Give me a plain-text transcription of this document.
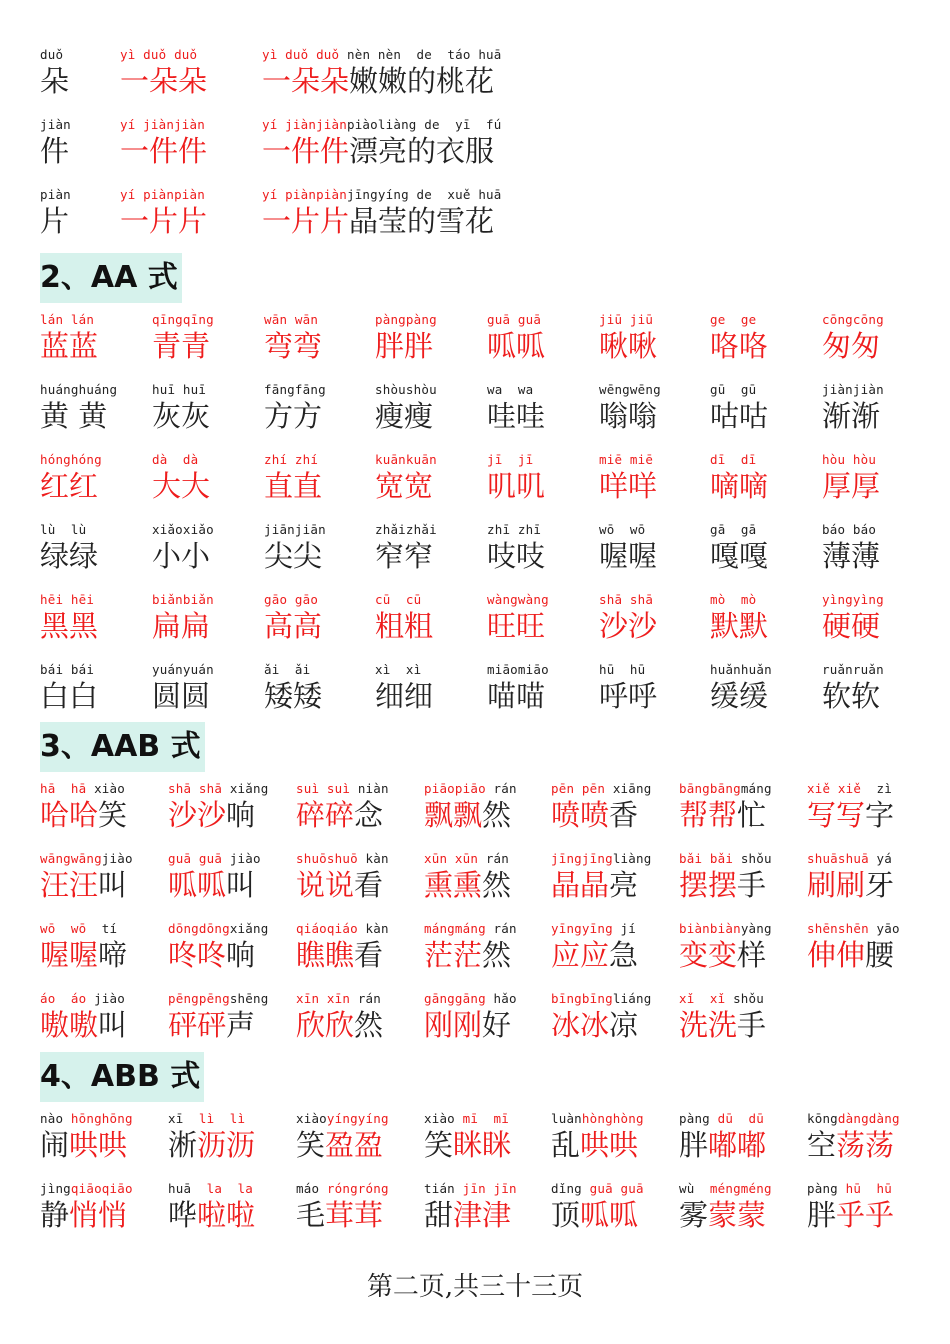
duǒ
朵
yì duǒ duǒ
一朵朵
yì duǒ duǒ nèn nèn  de  táo huā
一朵朵嫩嫩的桃花
jiàn
件
yí jiànjiàn
一件件
yí jiànjiànpiàoliàng de  yī  fú
一件件漂亮的衣服
piàn
片
yí piànpiàn
一片片
yí piànpiànjīngyíng de  xuě huā
一片片晶莹的雪花
2、AA 式
lán lán
蓝蓝
qīngqīng
青青
wān wān
弯弯
pàngpàng
胖胖
guā guā
呱呱
jiū jiū
啾啾
ge  ge
咯咯
cōngcōng
匆匆
huánghuáng
黄 黄
huī huī
灰灰
fāngfāng
方方
shòushòu
瘦瘦
wa  wa
哇哇
wēngwēng
嗡嗡
gū  gū
咕咕
jiànjiàn
渐渐
hónghóng
红红
dà  dà
大大
zhí zhí
直直
kuānkuān
宽宽
jī  jī
叽叽
miē miē
咩咩
dī  dī
嘀嘀
hòu hòu
厚厚
lù  lù
绿绿
xiǎoxiǎo
小小
jiānjiān
尖尖
zhǎizhǎi
窄窄
zhī zhī
吱吱
wō  wō
喔喔
gā  gā
嘎嘎
báo báo
薄薄
hēi hēi
黑黑
biǎnbiǎn
扁扁
gāo gāo
高高
cū  cū
粗粗
wàngwàng
旺旺
shā shā
沙沙
mò  mò
默默
yìngyìng
硬硬
bái bái
白白
yuányuán
圆圆
ǎi  ǎi
矮矮
xì  xì
细细
miāomiāo
喵喵
hū  hū
呼呼
huǎnhuǎn
缓缓
ruǎnruǎn
软软
3、AAB 式
hā  hā xiào
哈哈笑
shā shā xiǎng
沙沙响
suì suì niàn
碎碎念
piāopiāo rán
飘飘然
pēn pēn xiāng
喷喷香
bāngbāngmáng
帮帮忙
xiě xiě  zì
写写字
wāngwāngjiào
汪汪叫
guā guā jiào
呱呱叫
shuōshuō kàn
说说看
xūn xūn rán
熏熏然
jīngjīngliàng
晶晶亮
bǎi bǎi shǒu
摆摆手
shuāshuā yá
刷刷牙
wō  wō  tí
喔喔啼
dōngdōngxiǎng
咚咚响
qiáoqiáo kàn
瞧瞧看
mángmáng rán
茫茫然
yīngyīng jí
应应急
biànbiànyàng
变变样
shēnshēn yāo
伸伸腰
áo  áo jiào
嗷嗷叫
pēngpēngshēng
砰砰声
xīn xīn rán
欣欣然
gānggāng hǎo
刚刚好
bīngbīngliáng
冰冰凉
xǐ  xǐ shǒu
洗洗手
4、ABB 式
nào hōnghōng
闹哄哄
xī  lì  lì
淅沥沥
xiàoyíngyíng
笑盈盈
xiào mī  mī
笑眯眯
luànhònghòng
乱哄哄
pàng dū  dū
胖嘟嘟
kōngdàngdàng
空荡荡
jìngqiāoqiāo
静悄悄
huā  la  la
哗啦啦
máo róngróng
毛茸茸
tián jīn jīn
甜津津
dǐng guā guā
顶呱呱
wù  méngméng
雾蒙蒙
pàng hū  hū
胖乎乎
第二页,共三十三页
